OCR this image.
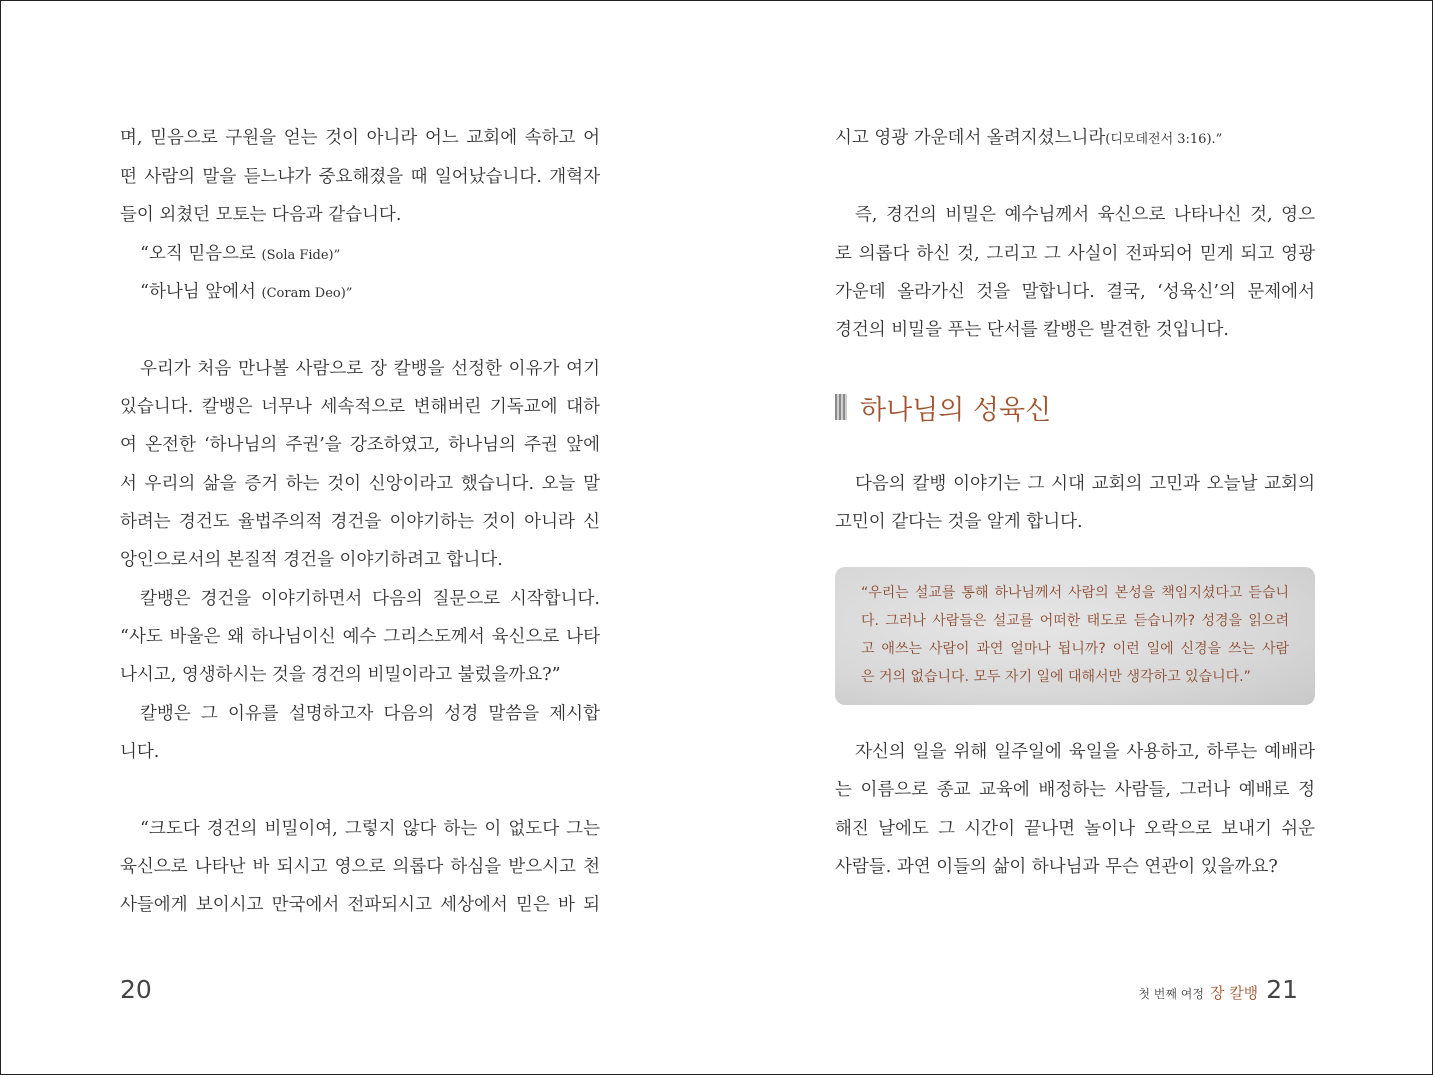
며, 믿음으로 구원을 얻는 것이 아니라 어느 교회에 속하고 어
떤 사람의 말을 듣느냐가 중요해졌을 때 일어났습니다. 개혁자
들이 외쳤던 모토는 다음과 같습니다.
“오직 믿음으로 (Sola Fide)”
“하나님 앞에서 (Coram Deo)”
우리가 처음 만나볼 사람으로 장 칼뱅을 선정한 이유가 여기
있습니다. 칼뱅은 너무나 세속적으로 변해버린 기독교에 대하
여 온전한 ‘하나님의 주권’을 강조하였고, 하나님의 주권 앞에
서 우리의 삶을 증거 하는 것이 신앙이라고 했습니다. 오늘 말
하려는 경건도 율법주의적 경건을 이야기하는 것이 아니라 신
앙인으로서의 본질적 경건을 이야기하려고 합니다.
칼뱅은 경건을 이야기하면서 다음의 질문으로 시작합니다.
“사도 바울은 왜 하나님이신 예수 그리스도께서 육신으로 나타
나시고, 영생하시는 것을 경건의 비밀이라고 불렀을까요?”
칼뱅은 그 이유를 설명하고자 다음의 성경 말씀을 제시합
니다.
“크도다 경건의 비밀이여, 그렇지 않다 하는 이 없도다 그는
육신으로 나타난 바 되시고 영으로 의롭다 하심을 받으시고 천
사들에게 보이시고 만국에서 전파되시고 세상에서 믿은 바 되
20
시고 영광 가운데서 올려지셨느니라(디모데전서 3:16).”
즉, 경건의 비밀은 예수님께서 육신으로 나타나신 것, 영으
로 의롭다 하신 것, 그리고 그 사실이 전파되어 믿게 되고 영광
가운데 올라가신 것을 말합니다. 결국, ‘성육신’의 문제에서
경건의 비밀을 푸는 단서를 칼뱅은 발견한 것입니다.
하나님의 성육신
다음의 칼뱅 이야기는 그 시대 교회의 고민과 오늘날 교회의
고민이 같다는 것을 알게 합니다.
자신의 일을 위해 일주일에 육일을 사용하고, 하루는 예배라
는 이름으로 종교 교육에 배정하는 사람들, 그러나 예배로 정
해진 날에도 그 시간이 끝나면 놀이나 오락으로 보내기 쉬운
사람들. 과연 이들의 삶이 하나님과 무슨 연관이 있을까요?
“우리는 설교를 통해 하나님께서 사람의 본성을 책임지셨다고 듣습니
다. 그러나 사람들은 설교를 어떠한 태도로 듣습니까? 성경을 읽으려
고 애쓰는 사람이 과연 얼마나 됩니까? 이런 일에 신경을 쓰는 사람
은 거의 없습니다. 모두 자기 일에 대해서만 생각하고 있습니다.”
첫 번째 여정 장 칼뱅 21
